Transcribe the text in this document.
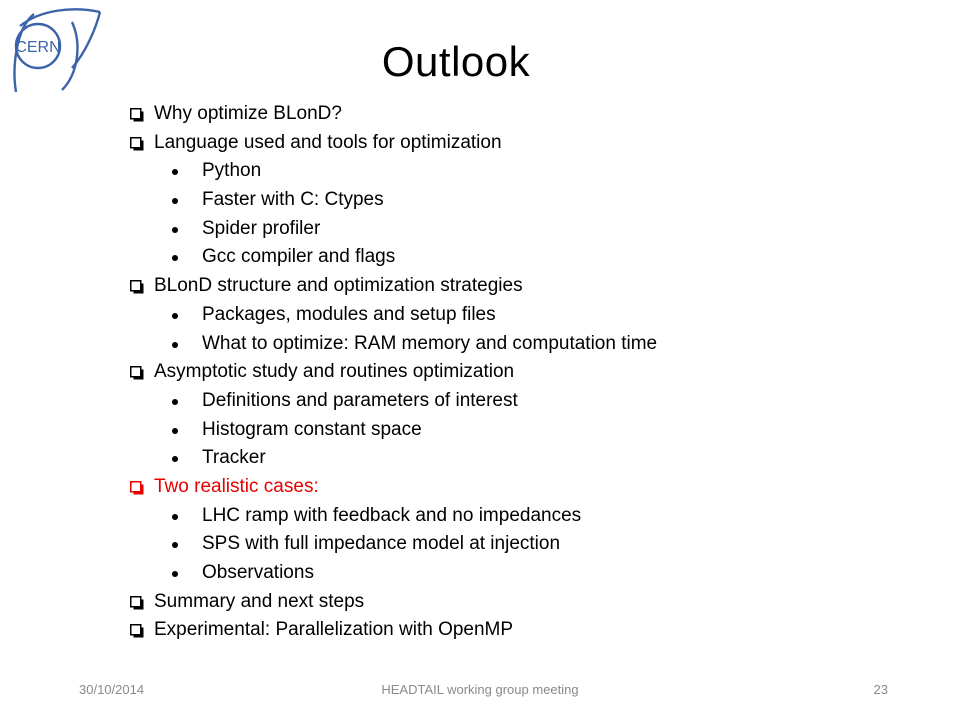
CERN	Outlook
Why optimize BLonD?
Language used and tools for optimization
Python
Faster with C: Ctypes
Spider profiler
Gcc compiler and flags
BLonD structure and optimization strategies
Packages, modules and setup files
What to optimize: RAM memory and computation time
Asymptotic study and routines optimization
Definitions and parameters of interest
Histogram constant space
Tracker
Two realistic cases:
LHC ramp with feedback and no impedances
SPS with full impedance model at injection
Observations
Summary and next steps
Experimental: Parallelization with OpenMP
30/10/2014	HEADTAIL working group meeting	23
